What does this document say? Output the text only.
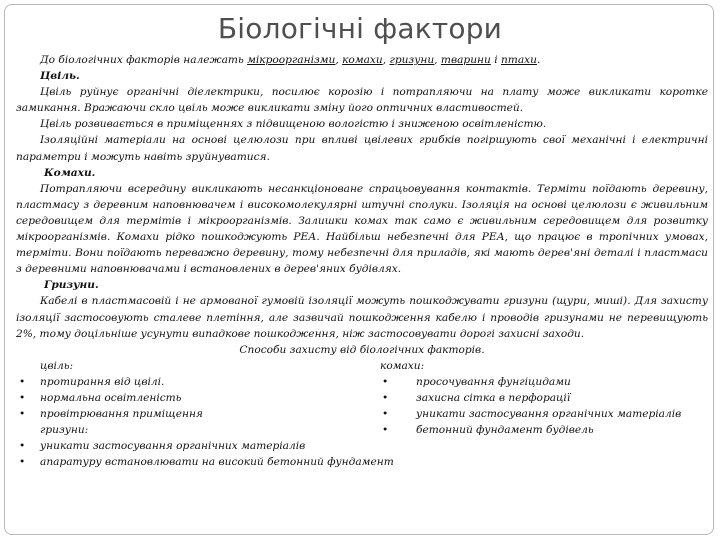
Біологічні фактори

До біологічних факторів належать мікроорганізми, комахи, гризуни, тварини і птахи.

Цвіль.

Цвіль руйнує органічні діелектрики, посилює корозію і потрапляючи на плату може викликати коротке замикання. Вражаючи скло цвіль може викликати зміну його оптичних властивостей.

Цвіль розвивається в приміщеннях з підвищеною вологістю і зниженою освітленістю.

Ізоляційні матеріали на основі целюлози при впливі цвілевих грибків погіршують свої механічні і електричні параметри і можуть навіть зруйнуватися.

Комахи.

Потрапляючи всередину викликають несанкціоноване спрацьовування контактів. Терміти поїдають деревину, пластмасу з деревним наповнювачем і високомолекулярні штучні сполуки. Ізоляція на основі целюлози є живильним середовищем для термітів і мікроорганізмів. Залишки комах так само є живильним середовищем для розвитку мікроорганізмів. Комахи рідко пошкоджують РЕА. Найбільш небезпечні для РЕА, що працює в тропічних умовах, терміти. Вони поїдають переважно деревину, тому небезпечні для приладів, які мають дерев'яні деталі і пластмаси з деревними наповнювачами і встановлених в дерев'яних будівлях.

Гризуни.

Кабелі в пластмасовій і не армованої гумовій ізоляції можуть пошкоджувати гризуни (щури, миші). Для захисту ізоляції застосовують сталеве плетіння, але зазвичай пошкодження кабелю і проводів гризунами не перевищують 2%, тому доцільніше усунути випадкове пошкодження, ніж застосовувати дорогі захисні заходи.

Способи захисту від біологічних факторів.

цвіль:

• протирання від цвілі.
• нормальна освітленість
• провітрювання приміщення

гризуни:

• уникати застосування органічних матеріалів
• апаратуру встановлювати на високий бетонний фундамент

комахи:

•	просочування фунгіцидами
•	захисна сітка в перфорації
•	уникати застосування органічних матеріалів
•	бетонний фундамент будівель
